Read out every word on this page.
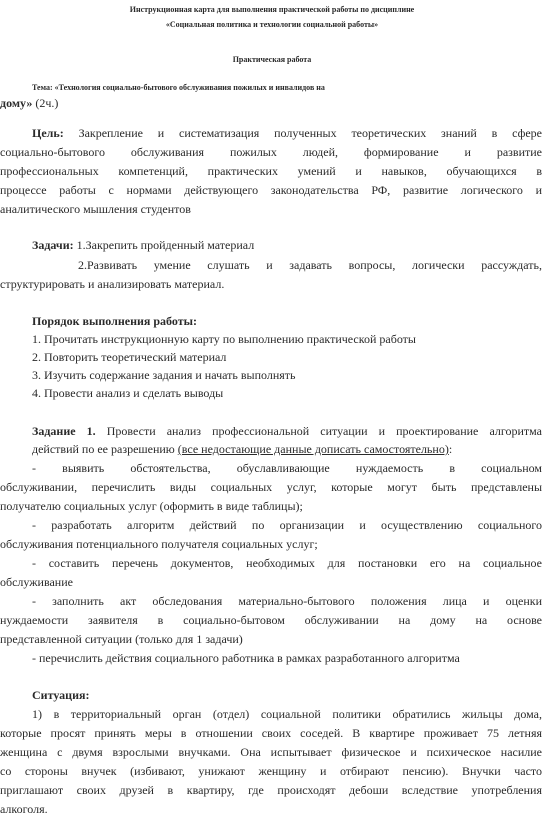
Инструкционная карта для выполнения практической работы по дисциплине
«Социальная политика и технологии социальной работы»
Практическая работа
Тема: «Технология социально-бытового обслуживания пожилых и инвалидов на
дому» (2ч.)
Цель: Закрепление и систематизация полученных теоретических знаний в сфере
социально-бытового обслуживания пожилых людей, формирование и развитие
профессиональных компетенций, практических умений и навыков, обучающихся в
процессе работы с нормами действующего законодательства РФ, развитие логического и
аналитического мышления студентов
Задачи: 1.Закрепить пройденный материал
2.Развивать умение слушать и задавать вопросы, логически рассуждать,
структурировать и анализировать материал.
Порядок выполнения работы:
1. Прочитать инструкционную карту по выполнению практической работы
2. Повторить теоретический материал
3. Изучить содержание задания и начать выполнять
4. Провести анализ и сделать выводы
Задание 1. Провести анализ профессиональной ситуации и проектирование алгоритма
действий по ее разрешению (все недостающие данные дописать самостоятельно):
- выявить обстоятельства, обуславливающие нуждаемость в социальном
обслуживании, перечислить виды социальных услуг, которые могут быть представлены
получателю социальных услуг (оформить в виде таблицы);
- разработать алгоритм действий по организации и осуществлению социального
обслуживания потенциального получателя социальных услуг;
- составить перечень документов, необходимых для постановки его на социальное
обслуживание
- заполнить акт обследования материально-бытового положения лица и оценки
нуждаемости заявителя в социально-бытовом обслуживании на дому на основе
представленной ситуации (только для 1 задачи)
- перечислить действия социального работника в рамках разработанного алгоритма
Ситуация:
1) в территориальный орган (отдел) социальной политики обратились жильцы дома,
которые просят принять меры в отношении своих соседей. В квартире проживает 75 летняя
женщина с двумя взрослыми внучками. Она испытывает физическое и психическое насилие
со стороны внучек (избивают, унижают женщину и отбирают пенсию). Внучки часто
приглашают своих друзей в квартиру, где происходят дебоши вследствие употребления
алкоголя.
